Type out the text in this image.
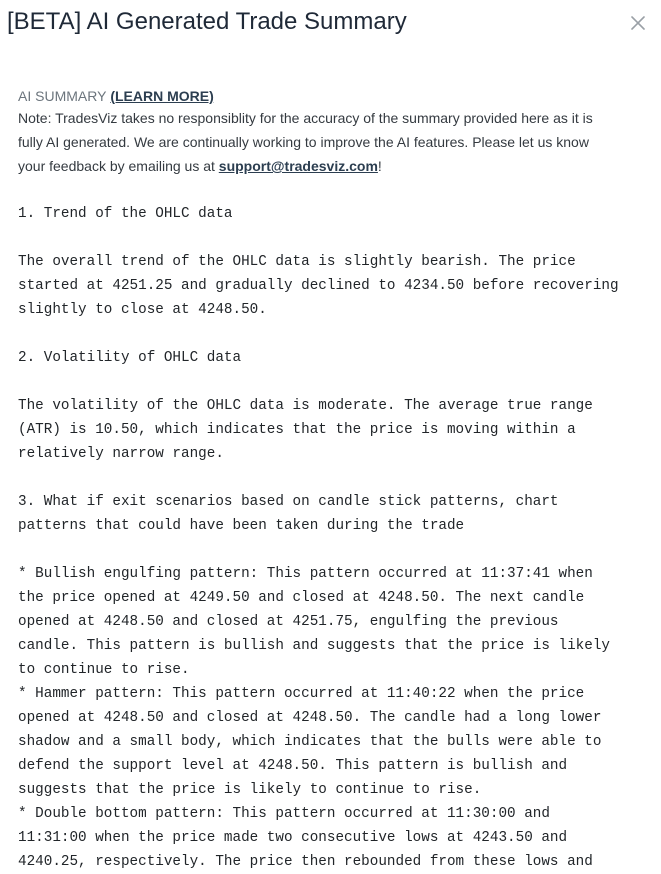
[BETA] AI Generated Trade Summary

AI SUMMARY (LEARN MORE)

Note: TradesViz takes no responsiblity for the accuracy of the summary provided here as it is
fully AI generated. We are continually working to improve the AI features. Please let us know
your feedback by emailing us at support@tradesviz.com!

1. Trend of the OHLC data

The overall trend of the OHLC data is slightly bearish. The price
started at 4251.25 and gradually declined to 4234.50 before recovering
slightly to close at 4248.50.

2. Volatility of OHLC data

The volatility of the OHLC data is moderate. The average true range
(ATR) is 10.50, which indicates that the price is moving within a
relatively narrow range.

3. What if exit scenarios based on candle stick patterns, chart
patterns that could have been taken during the trade

* Bullish engulfing pattern: This pattern occurred at 11:37:41 when
the price opened at 4249.50 and closed at 4248.50. The next candle
opened at 4248.50 and closed at 4251.75, engulfing the previous
candle. This pattern is bullish and suggests that the price is likely
to continue to rise.
* Hammer pattern: This pattern occurred at 11:40:22 when the price
opened at 4248.50 and closed at 4248.50. The candle had a long lower
shadow and a small body, which indicates that the bulls were able to
defend the support level at 4248.50. This pattern is bullish and
suggests that the price is likely to continue to rise.
* Double bottom pattern: This pattern occurred at 11:30:00 and
11:31:00 when the price made two consecutive lows at 4243.50 and
4240.25, respectively. The price then rebounded from these lows and
